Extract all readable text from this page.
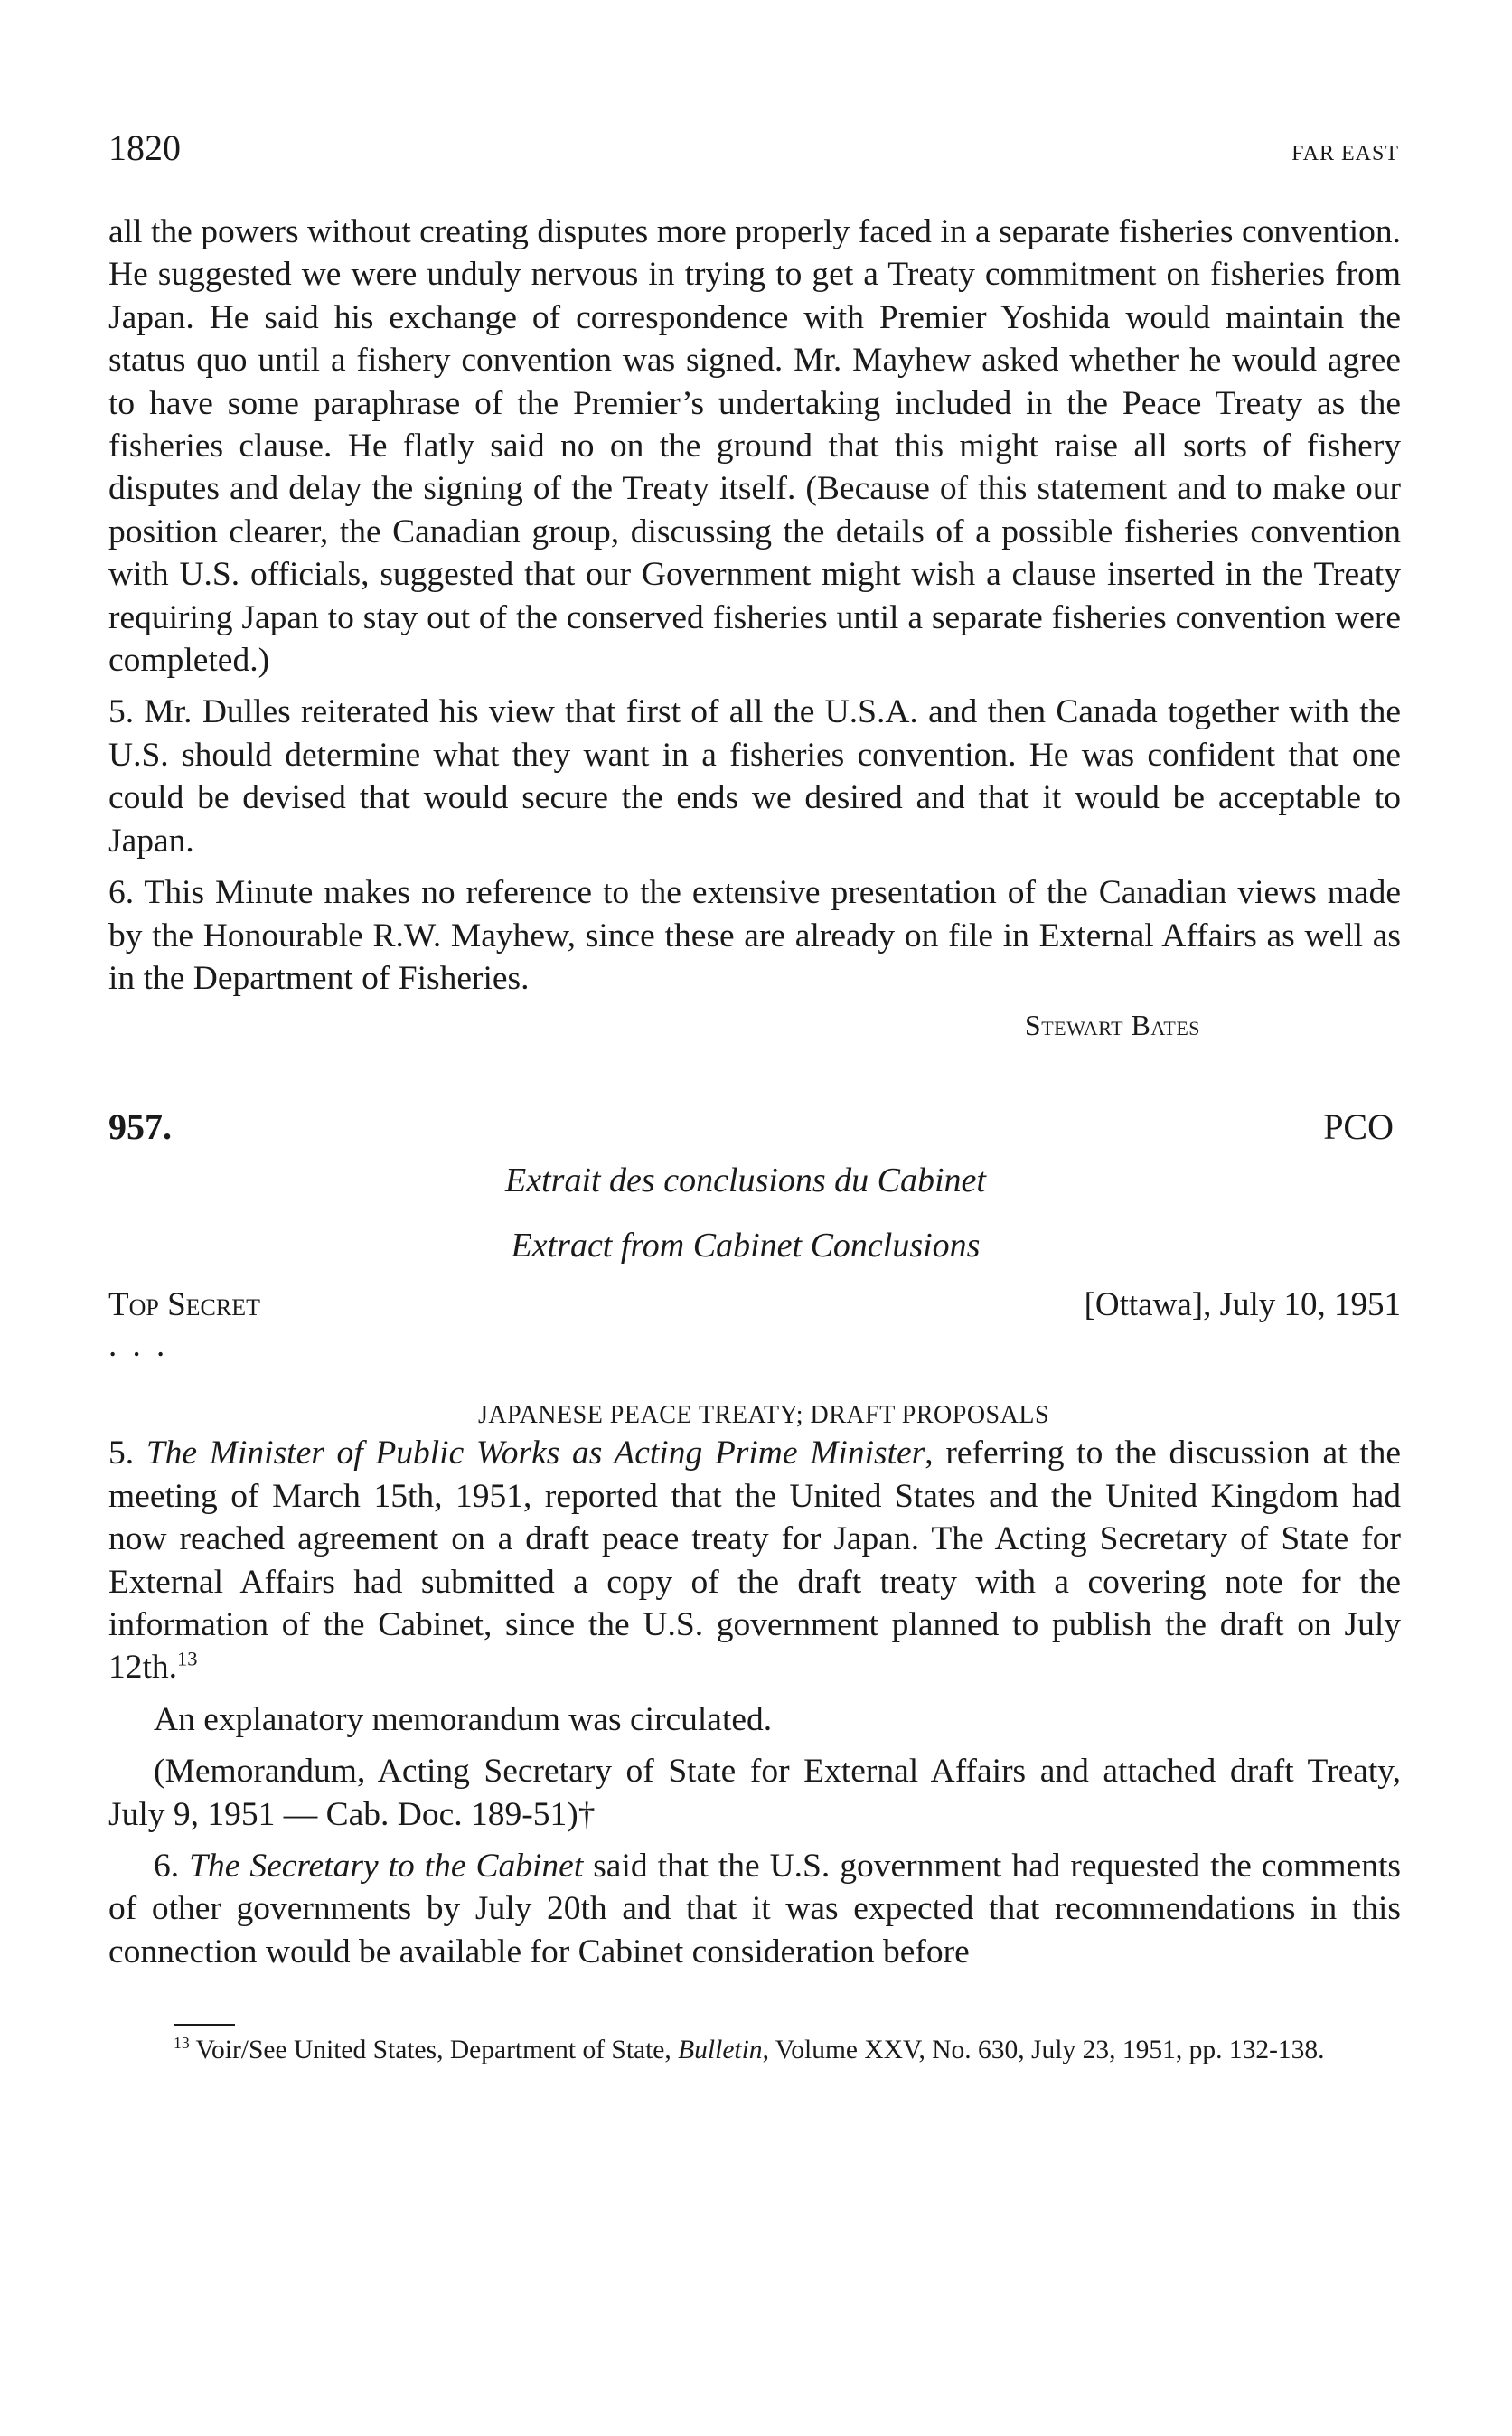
1820	FAR EAST

all the powers without creating disputes more properly faced in a separate fisheries convention. He suggested we were unduly nervous in trying to get a Treaty commitment on fisheries from Japan. He said his exchange of correspondence with Premier Yoshida would maintain the status quo until a fishery convention was signed. Mr. Mayhew asked whether he would agree to have some paraphrase of the Premier’s undertaking included in the Peace Treaty as the fisheries clause. He flatly said no on the ground that this might raise all sorts of fishery disputes and delay the signing of the Treaty itself. (Because of this statement and to make our position clearer, the Canadian group, discussing the details of a possible fisheries convention with U.S. officials, suggested that our Government might wish a clause inserted in the Treaty requiring Japan to stay out of the conserved fisheries until a separate fisheries convention were completed.)

5. Mr. Dulles reiterated his view that first of all the U.S.A. and then Canada together with the U.S. should determine what they want in a fisheries convention. He was confident that one could be devised that would secure the ends we desired and that it would be acceptable to Japan.

6. This Minute makes no reference to the extensive presentation of the Canadian views made by the Honourable R.W. Mayhew, since these are already on file in External Affairs as well as in the Department of Fisheries.

Stewart Bates
957.	PCO
Extrait des conclusions du Cabinet
Extract from Cabinet Conclusions
Top Secret	[Ottawa], July 10, 1951
. . .
JAPANESE PEACE TREATY; DRAFT PROPOSALS

5. The Minister of Public Works as Acting Prime Minister, referring to the discussion at the meeting of March 15th, 1951, reported that the United States and the United Kingdom had now reached agreement on a draft peace treaty for Japan. The Acting Secretary of State for External Affairs had submitted a copy of the draft treaty with a covering note for the information of the Cabinet, since the U.S. government planned to publish the draft on July 12th.$^{13}$

An explanatory memorandum was circulated.

(Memorandum, Acting Secretary of State for External Affairs and attached draft Treaty, July 9, 1951 — Cab. Doc. 189-51)†

6. The Secretary to the Cabinet said that the U.S. government had requested the comments of other governments by July 20th and that it was expected that recommendations in this connection would be available for Cabinet consideration before

$^{13}$ Voir/See United States, Department of State, Bulletin, Volume XXV, No. 630, July 23, 1951, pp. 132-138.
